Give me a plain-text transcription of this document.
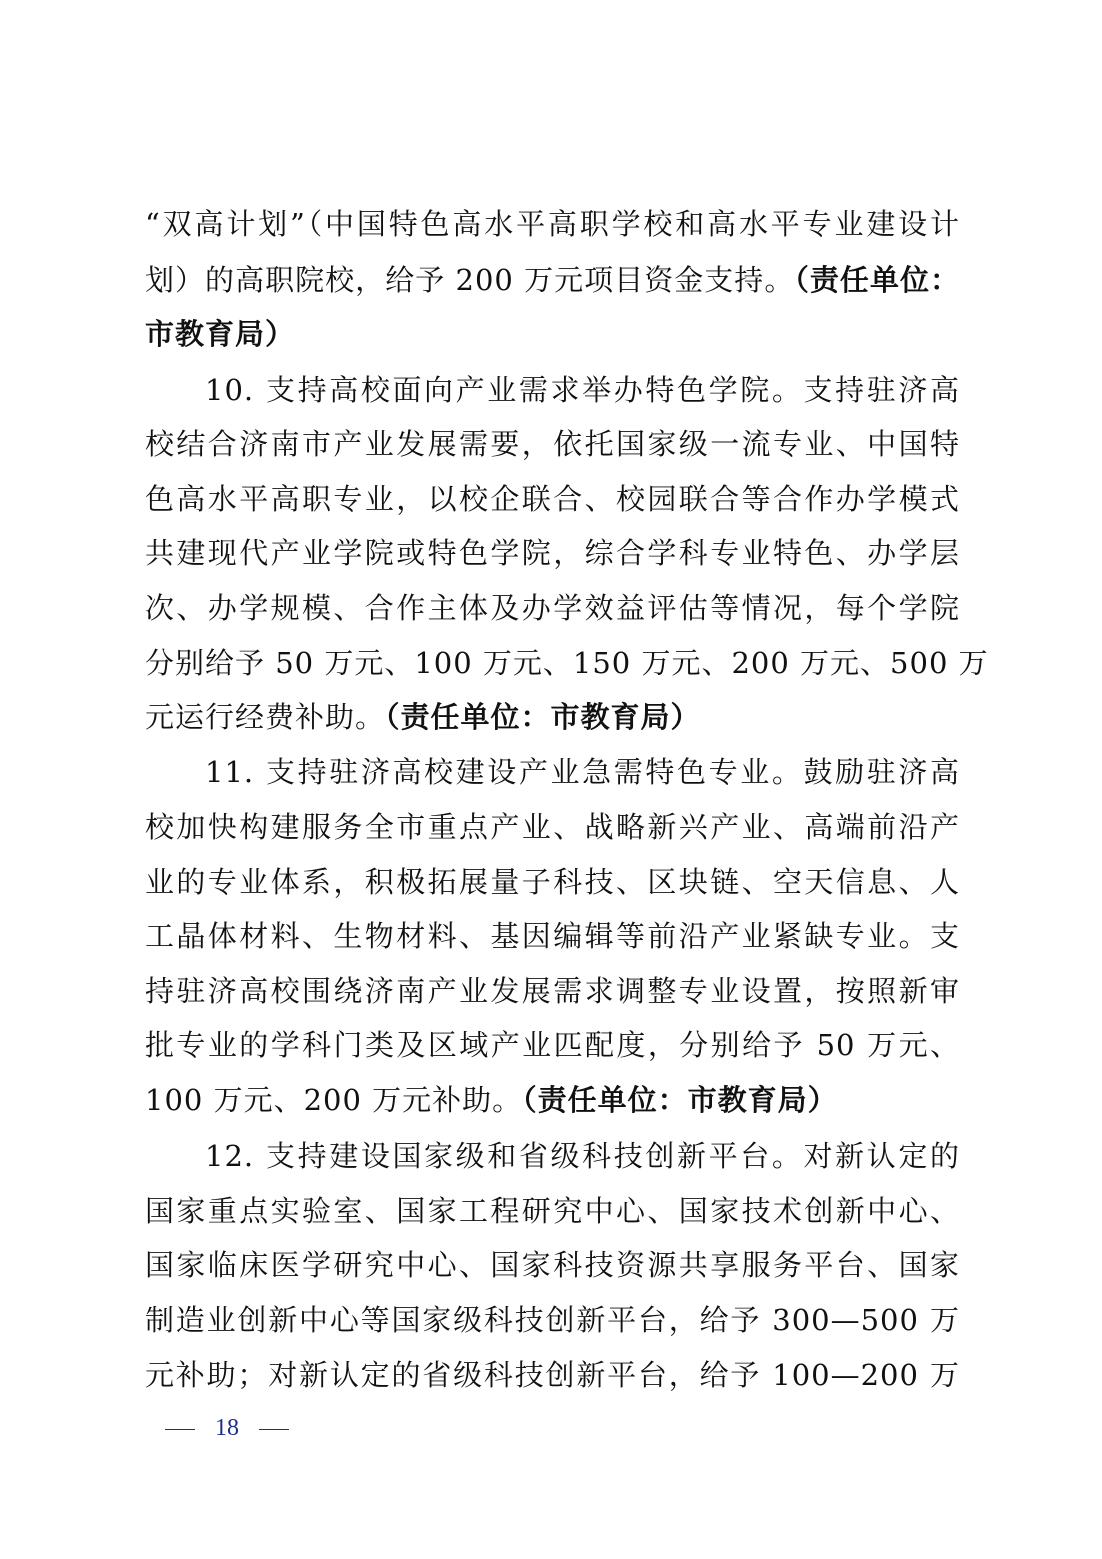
“双高计划”（中国特色高水平高职学校和高水平专业建设计
划）的高职院校，给予 200 万元项目资金支持。（责任单位：
市教育局）
10. 支持高校面向产业需求举办特色学院。支持驻济高
校结合济南市产业发展需要，依托国家级一流专业、中国特
色高水平高职专业，以校企联合、校园联合等合作办学模式
共建现代产业学院或特色学院，综合学科专业特色、办学层
次、办学规模、合作主体及办学效益评估等情况，每个学院
分别给予 50 万元、100 万元、150 万元、200 万元、500 万
元运行经费补助。（责任单位：市教育局）
11. 支持驻济高校建设产业急需特色专业。鼓励驻济高
校加快构建服务全市重点产业、战略新兴产业、高端前沿产
业的专业体系，积极拓展量子科技、区块链、空天信息、人
工晶体材料、生物材料、基因编辑等前沿产业紧缺专业。支
持驻济高校围绕济南产业发展需求调整专业设置，按照新审
批专业的学科门类及区域产业匹配度，分别给予 50 万元、
100 万元、200 万元补助。（责任单位：市教育局）
12. 支持建设国家级和省级科技创新平台。对新认定的
国家重点实验室、国家工程研究中心、国家技术创新中心、
国家临床医学研究中心、国家科技资源共享服务平台、国家
制造业创新中心等国家级科技创新平台，给予 300—500 万
元补助；对新认定的省级科技创新平台，给予 100—200 万
18
